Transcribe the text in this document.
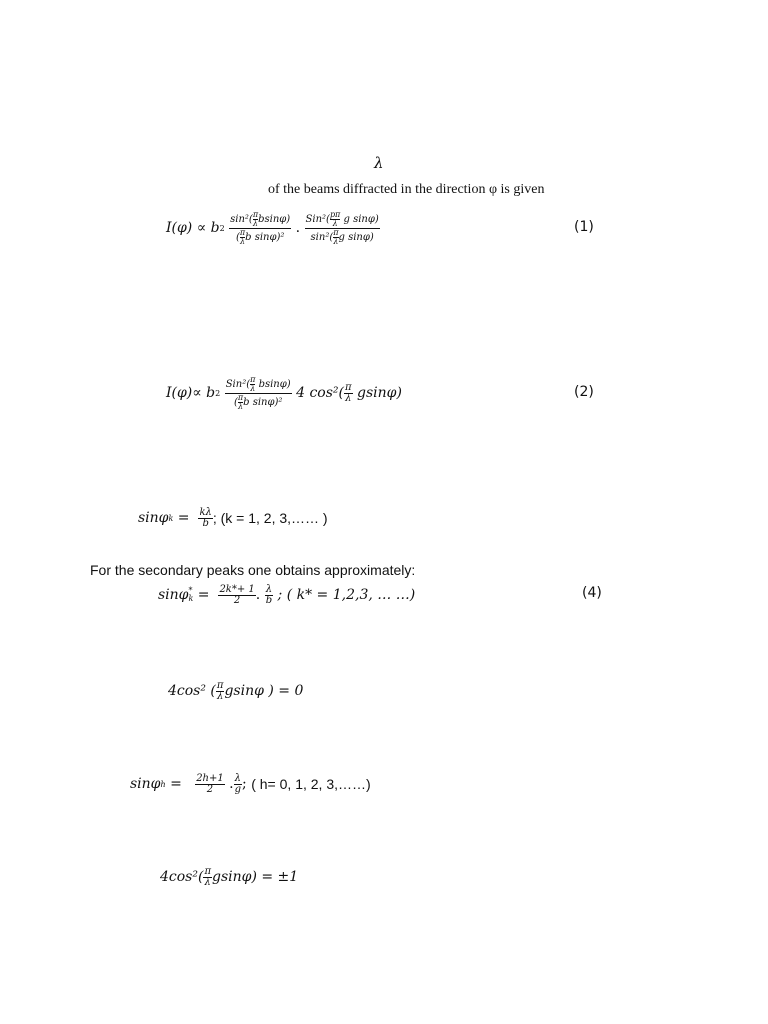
λ
of the beams diffracted in the direction φ is given
I(φ) ∝ b 2
$\frac{\sin^2( \frac{\pi}{\lambda} bsin\varphi)}{( \frac{\pi}{\lambda} b \sin\varphi)^2}$ . $\frac{Sin^2( \frac{p\pi}{\lambda} g \sin\varphi)}{\sin^2( \frac{\pi}{\lambda} g \sin\varphi)}$	(1)
I(φ)∝ b 2
$\frac{Sin^2( \frac{\pi}{\lambda} bsin\varphi)}{( \frac{\pi}{\lambda} b \sin\varphi)^2}$
4 $\cos^2( \frac{\pi}{\lambda}$
gsinφ)	(2)
sinφ k
=
$\frac{k\lambda}{b}$ ; (k = 1, 2, 3,…… )
For the secondary peaks one obtains approximately:
sinφ *
k
=
$\frac{2k*+ 1}{2}$ . $\frac{\lambda}{b}$
; ( k* = 1,2,3, … …)	(4)
4cos² ( $\frac{\pi}{\lambda}$ gsinφ ) = 0
sinφ h
=
$\frac{2h+1}{2}$ . $\frac{\lambda}{g}$ ; ( h= 0, 1, 2, 3,……)
$4\cos^2( \frac{\pi}{\lambda} gsin\varphi) = \pm 1$
